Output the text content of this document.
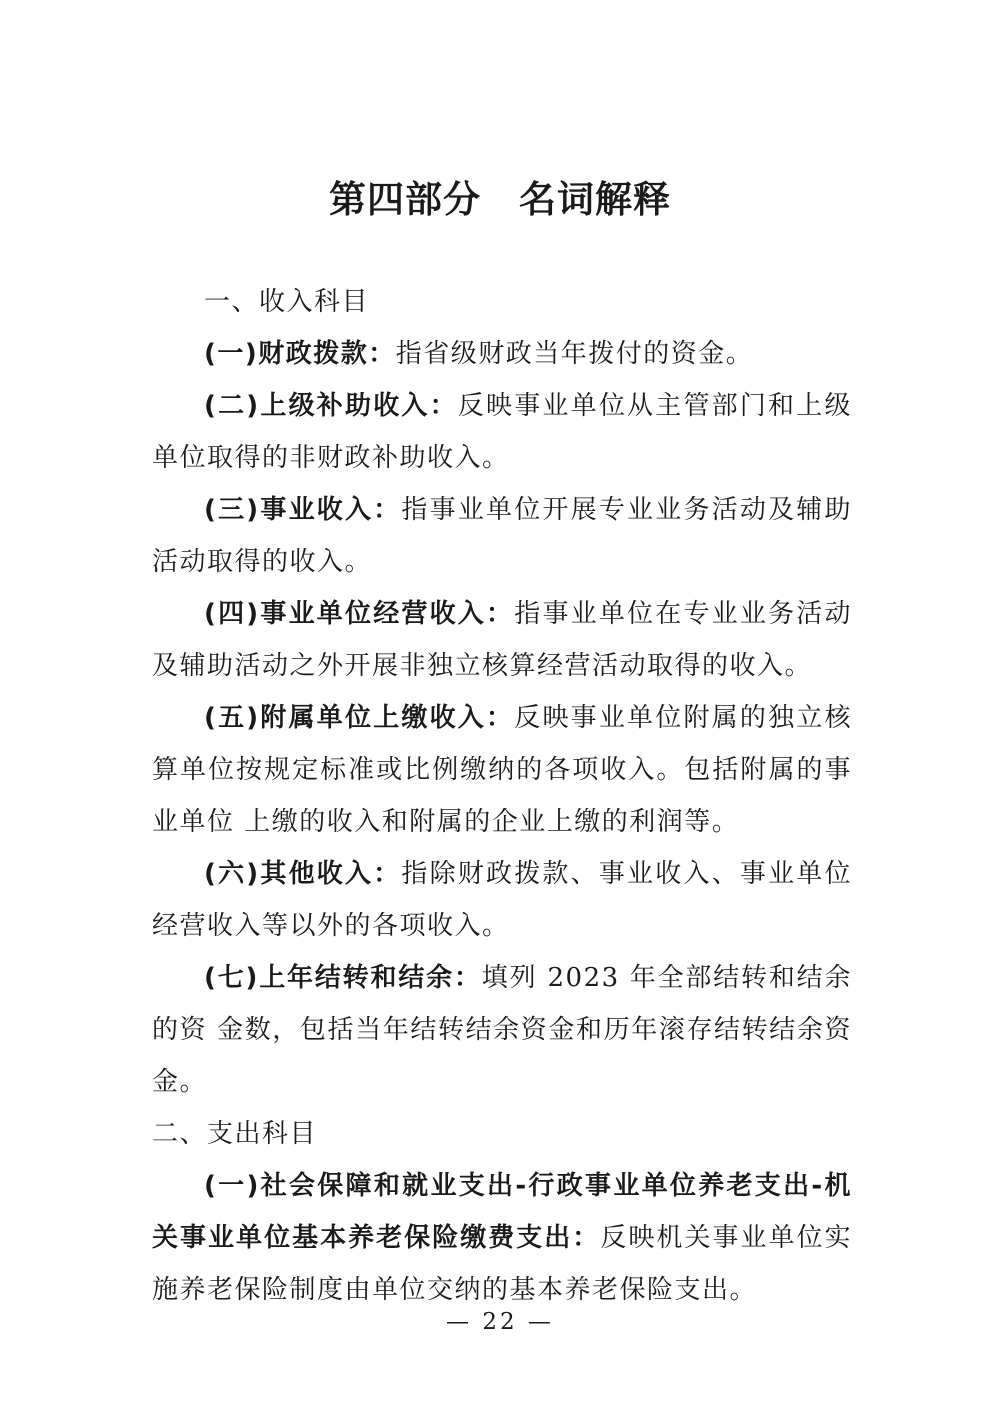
第四部分　名词解释

一、收入科目

(一)财政拨款：指省级财政当年拨付的资金。

(二)上级补助收入：反映事业单位从主管部门和上级单位取得的非财政补助收入。

(三)事业收入：指事业单位开展专业业务活动及辅助活动取得的收入。

(四)事业单位经营收入：指事业单位在专业业务活动及辅助活动之外开展非独立核算经营活动取得的收入。

(五)附属单位上缴收入：反映事业单位附属的独立核算单位按规定标准或比例缴纳的各项收入。包括附属的事业单位 上缴的收入和附属的企业上缴的利润等。

(六)其他收入：指除财政拨款、事业收入、事业单位经营收入等以外的各项收入。

(七)上年结转和结余：填列 2023 年全部结转和结余的资 金数，包括当年结转结余资金和历年滚存结转结余资金。

二、支出科目

(一)社会保障和就业支出-行政事业单位养老支出-机关事业单位基本养老保险缴费支出：反映机关事业单位实施养老保险制度由单位交纳的基本养老保险支出。

— 22 —
